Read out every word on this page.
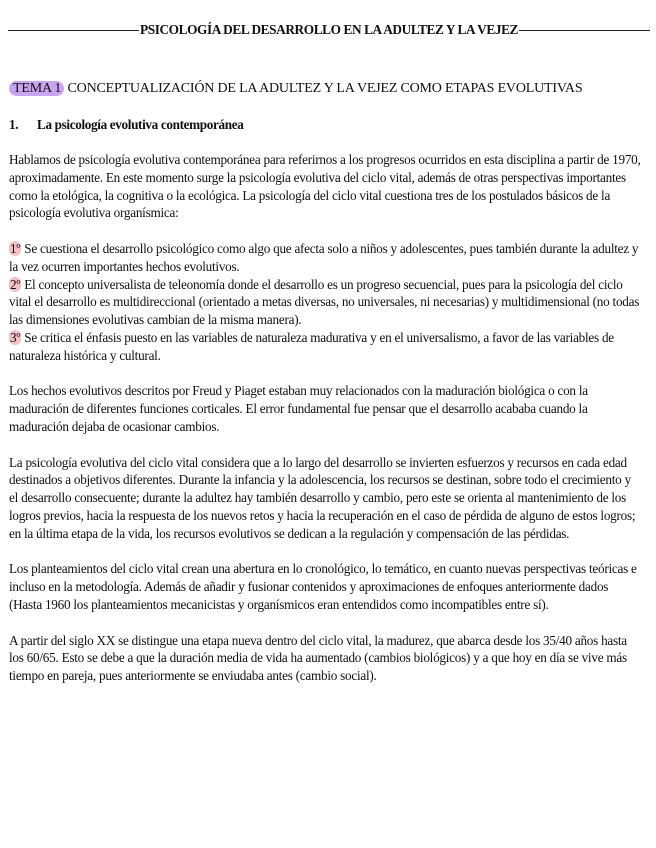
PSICOLOGÍA DEL DESARROLLO EN LA ADULTEZ Y LA VEJEZ
TEMA 1 CONCEPTUALIZACIÓN DE LA ADULTEZ Y LA VEJEZ COMO ETAPAS EVOLUTIVAS
1. La psicología evolutiva contemporánea

Hablamos de psicología evolutiva contemporánea para referirnos a los progresos ocurridos en esta disciplina a partir de 1970, aproximadamente. En este momento surge la psicología evolutiva del ciclo vital, además de otras perspectivas importantes como la etológica, la cognitiva o la ecológica. La psicología del ciclo vital cuestiona tres de los postulados básicos de la psicología evolutiva organísmica:

1º Se cuestiona el desarrollo psicológico como algo que afecta solo a niños y adolescentes, pues también durante la adultez y la vez ocurren importantes hechos evolutivos.

2º El concepto universalista de teleonomía donde el desarrollo es un progreso secuencial, pues para la psicología del ciclo vital el desarrollo es multidireccional (orientado a metas diversas, no universales, ni necesarias) y multidimensional (no todas las dimensiones evolutivas cambian de la misma manera).

3º Se critica el énfasis puesto en las variables de naturaleza madurativa y en el universalismo, a favor de las variables de naturaleza histórica y cultural.

Los hechos evolutivos descritos por Freud y Piaget estaban muy relacionados con la maduración biológica o con la maduración de diferentes funciones corticales. El error fundamental fue pensar que el desarrollo acababa cuando la maduración dejaba de ocasionar cambios.

La psicología evolutiva del ciclo vital considera que a lo largo del desarrollo se invierten esfuerzos y recursos en cada edad destinados a objetivos diferentes. Durante la infancia y la adolescencia, los recursos se destinan, sobre todo el crecimiento y el desarrollo consecuente; durante la adultez hay también desarrollo y cambio, pero este se orienta al mantenimiento de los logros previos, hacia la respuesta de los nuevos retos y hacia la recuperación en el caso de pérdida de alguno de estos logros; en la última etapa de la vida, los recursos evolutivos se dedican a la regulación y compensación de las pérdidas.

Los planteamientos del ciclo vital crean una abertura en lo cronológico, lo temático, en cuanto nuevas perspectivas teóricas e incluso en la metodología. Además de añadir y fusionar contenidos y aproximaciones de enfoques anteriormente dados (Hasta 1960 los planteamientos mecanicistas y organísmicos eran entendidos como incompatibles entre sí).

A partir del siglo XX se distingue una etapa nueva dentro del ciclo vital, la madurez, que abarca desde los 35/40 años hasta los 60/65. Esto se debe a que la duración media de vida ha aumentado (cambios biológicos) y a que hoy en día se vive más tiempo en pareja, pues anteriormente se enviudaba antes (cambio social).
